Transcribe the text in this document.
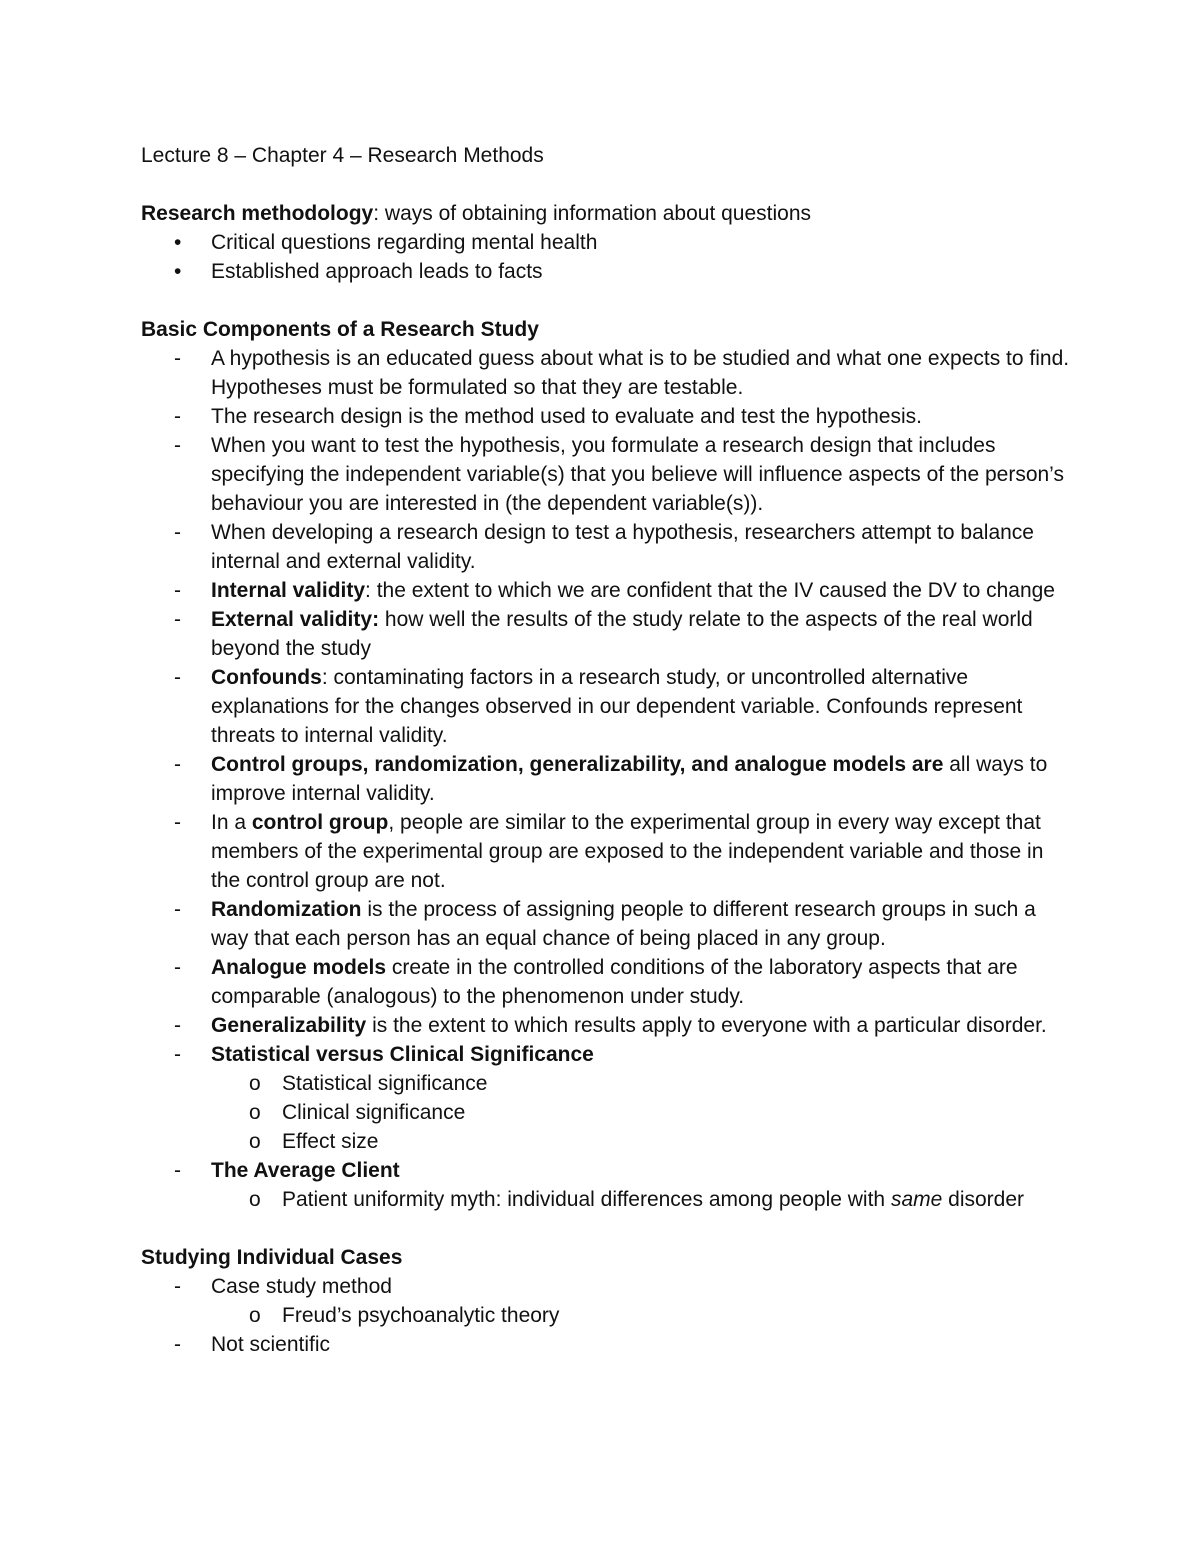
Lecture 8 – Chapter 4 – Research Methods
Research methodology: ways of obtaining information about questions
• Critical questions regarding mental health
• Established approach leads to facts
Basic Components of a Research Study
- A hypothesis is an educated guess about what is to be studied and what one expects to find. Hypotheses must be formulated so that they are testable.
- The research design is the method used to evaluate and test the hypothesis.
- When you want to test the hypothesis, you formulate a research design that includes specifying the independent variable(s) that you believe will influence aspects of the person’s behaviour you are interested in (the dependent variable(s)).
- When developing a research design to test a hypothesis, researchers attempt to balance internal and external validity.
- Internal validity: the extent to which we are confident that the IV caused the DV to change
- External validity: how well the results of the study relate to the aspects of the real world beyond the study
- Confounds: contaminating factors in a research study, or uncontrolled alternative explanations for the changes observed in our dependent variable. Confounds represent threats to internal validity.
- Control groups, randomization, generalizability, and analogue models are all ways to improve internal validity.
- In a control group, people are similar to the experimental group in every way except that members of the experimental group are exposed to the independent variable and those in the control group are not.
- Randomization is the process of assigning people to different research groups in such a way that each person has an equal chance of being placed in any group.
- Analogue models create in the controlled conditions of the laboratory aspects that are comparable (analogous) to the phenomenon under study.
- Generalizability is the extent to which results apply to everyone with a particular disorder.
- Statistical versus Clinical Significance
o Statistical significance
o Clinical significance
o Effect size
- The Average Client
o Patient uniformity myth: individual differences among people with same disorder
Studying Individual Cases
- Case study method
o Freud’s psychoanalytic theory
- Not scientific
